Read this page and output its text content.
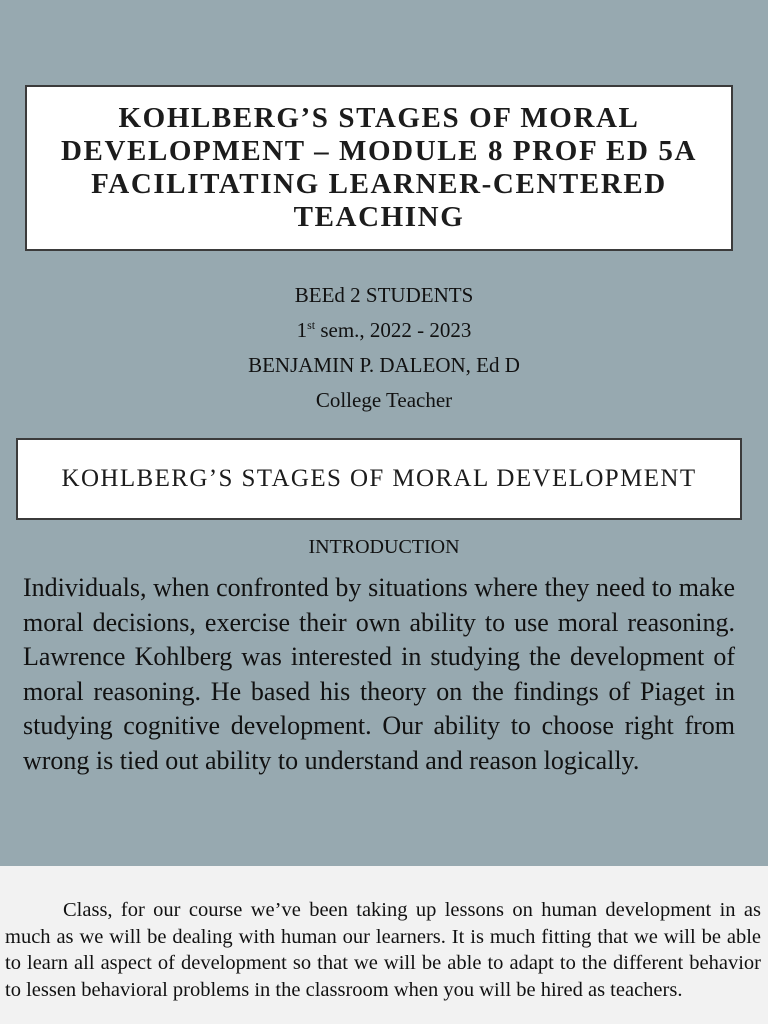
KOHLBERG’S STAGES OF MORAL DEVELOPMENT – MODULE 8 PROF ED 5A FACILITATING LEARNER-CENTERED TEACHING
BEEd 2 STUDENTS
1st sem., 2022 - 2023
BENJAMIN P. DALEON, Ed D
College Teacher
KOHLBERG’S STAGES OF MORAL DEVELOPMENT
INTRODUCTION

Individuals, when confronted by situations where they need to make moral decisions, exercise their own ability to use moral reasoning. Lawrence Kohlberg was interested in studying the development of moral reasoning. He based his theory on the findings of Piaget in studying cognitive development. Our ability to choose right from wrong is tied out ability to understand and reason logically.

Class, for our course we’ve been taking up lessons on human development in as much as we will be dealing with human our learners. It is much fitting that we will be able to learn all aspect of development so that we will be able to adapt to the different behavior to lessen behavioral problems in the classroom when you will be hired as teachers.
